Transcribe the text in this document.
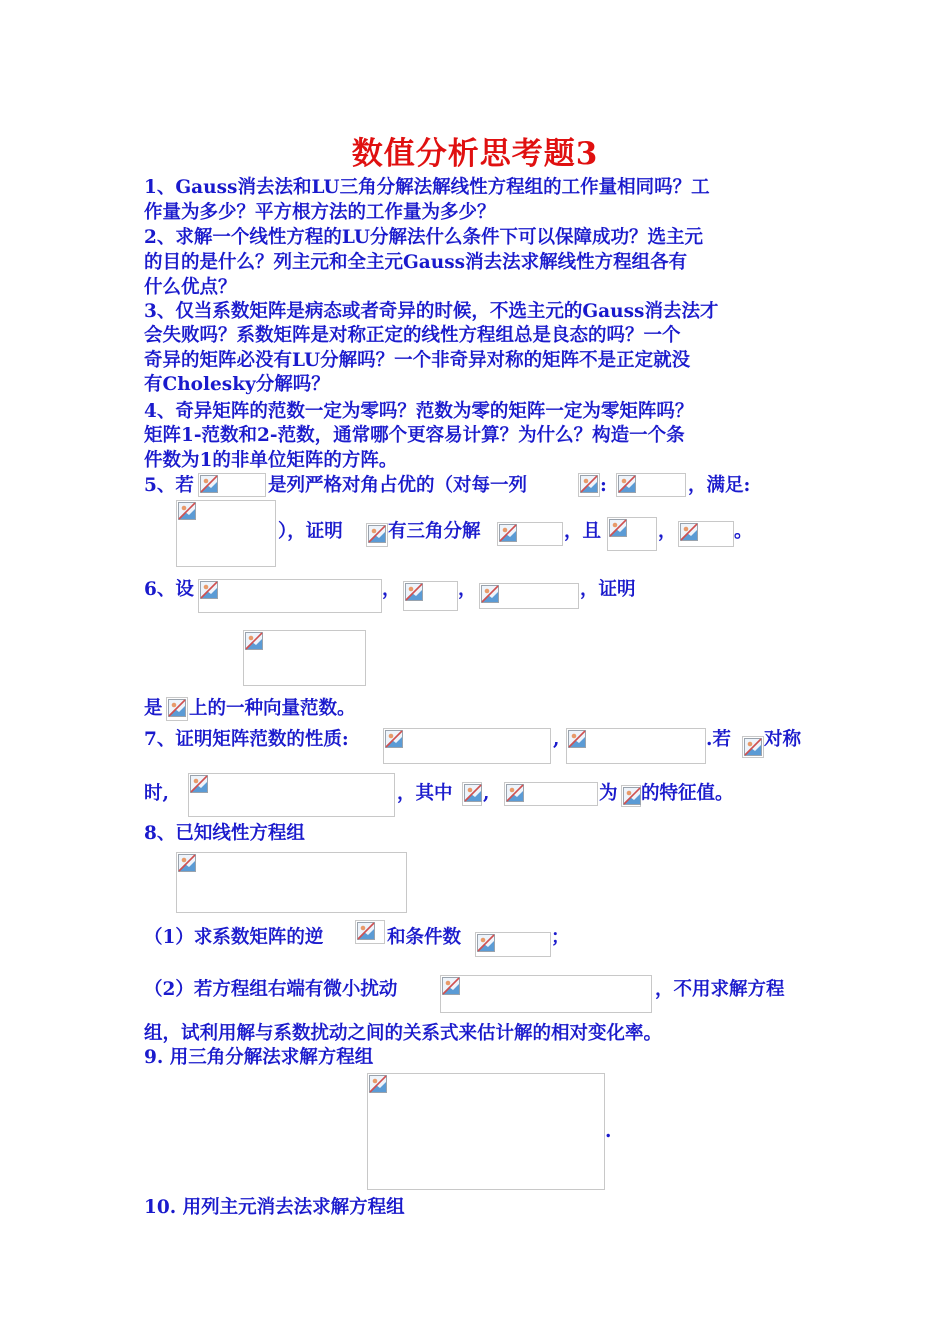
数值分析思考题3
1、Gauss消去法和LU三角分解法解线性方程组的工作量相同吗？工
作量为多少？平方根方法的工作量为多少？
2、求解一个线性方程的LU分解法什么条件下可以保障成功？选主元
的目的是什么？列主元和全主元Gauss消去法求解线性方程组各有
什么优点？
3、仅当系数矩阵是病态或者奇异的时候，不选主元的Gauss消去法才
会失败吗？系数矩阵是对称正定的线性方程组总是良态的吗？一个
奇异的矩阵必没有LU分解吗？一个非奇异对称的矩阵不是正定就没
有Cholesky分解吗？
4、奇异矩阵的范数一定为零吗？范数为零的矩阵一定为零矩阵吗？
矩阵1-范数和2-范数，通常哪个更容易计算？为什么？构造一个条
件数为1的非单位矩阵的方阵。
5、若	是列严格对角占优的（对每一列	:	，满足:
），证明 有三角分解	，且	，	。
6、设	，	，	，证明
是 上的一种向量范数。
7、证明矩阵范数的性质:	,	.若 对称
时,	，其中 ,	为 的特征值。
8、已知线性方程组
（1）求系数矩阵的逆	和条件数	；
（2）若方程组右端有微小扰动	，不用求解方程
组，试利用解与系数扰动之间的关系式来估计解的相对变化率。
9. 用三角分解法求解方程组
.
10. 用列主元消去法求解方程组
